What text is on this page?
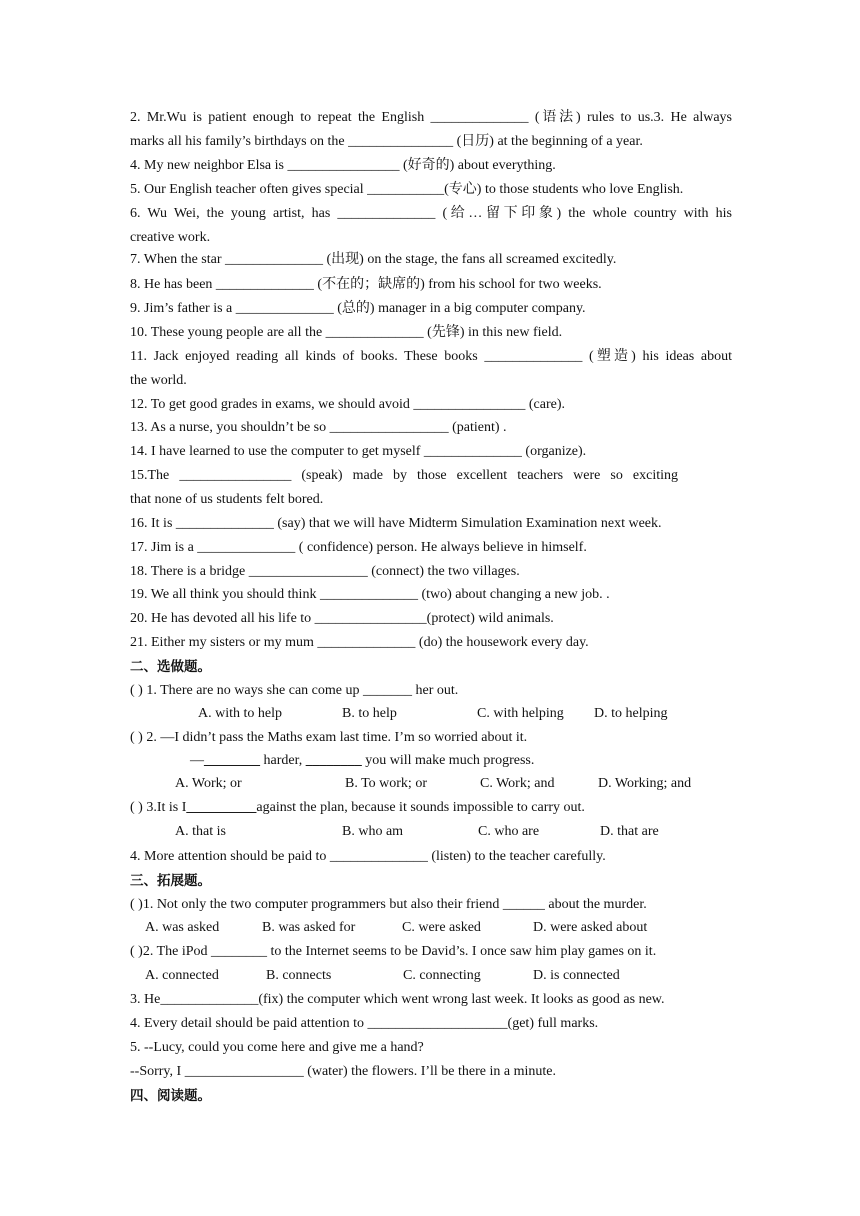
2. Mr.Wu is patient enough to repeat the English ______________ (语法) rules to us.3. He always
marks all his family’s birthdays on the _______________ (日历) at the beginning of a year.
4. My new neighbor Elsa is ________________ (好奇的) about everything.
5. Our English teacher often gives special ___________(专心) to those students who love English.
6. Wu Wei, the young artist, has ______________ (给…留下印象) the whole country with his
creative work.
7. When the star ______________ (出现) on the stage, the fans all screamed excitedly.
8. He has been ______________ (不在的；缺席的) from his school for two weeks.
9. Jim’s father is a ______________ (总的) manager in a big computer company.
10. These young people are all the ______________ (先锋) in this new field.
11. Jack enjoyed reading all kinds of books. These books ______________ (塑造) his ideas about
the world.
12. To get good grades in exams, we should avoid ________________ (care).
13. As a nurse, you shouldn’t be so _________________ (patient) .
14. I have learned to use the computer to get myself ______________ (organize).
15.The ________________ (speak) made by those excellent teachers were so exciting
that none of us students felt bored.
16. It is ______________ (say) that we will have Midterm Simulation Examination next week.
17. Jim is a ______________ ( confidence) person. He always believe in himself.
18. There is a bridge _________________ (connect) the two villages.
19. We all think you should think ______________ (two) about changing a new job. .
20. He has devoted all his life to ________________(protect) wild animals.
21. Either my sisters or my mum ______________ (do) the housework every day.
二、选做题。
( ) 1. There are no ways she can come up _______ her out.
A. with to help	B. to help	C. with helping D. to helping
( ) 2. —I didn’t pass the Maths exam last time. I’m so worried about it.
—________ harder, ________ you will make much progress.
A. Work; or	B. To work; or	C. Work; and	D. Working; and
( ) 3.It is I__________against the plan, because it sounds impossible to carry out.
A. that is	B. who am	C. who are	D. that are
4. More attention should be paid to ______________ (listen) to the teacher carefully.
三、拓展题。
( )1. Not only the two computer programmers but also their friend ______ about the murder.
A. was asked	B. was asked for	C. were asked	D. were asked about
( )2. The iPod ________ to the Internet seems to be David’s. I once saw him play games on it.
A. connected	B. connects	C. connecting	D. is connected
3. He______________(fix) the computer which went wrong last week. It looks as good as new.
4. Every detail should be paid attention to ____________________(get) full marks.
5. --Lucy, could you come here and give me a hand?
--Sorry, I _________________ (water) the flowers. I’ll be there in a minute.
四、阅读题。
